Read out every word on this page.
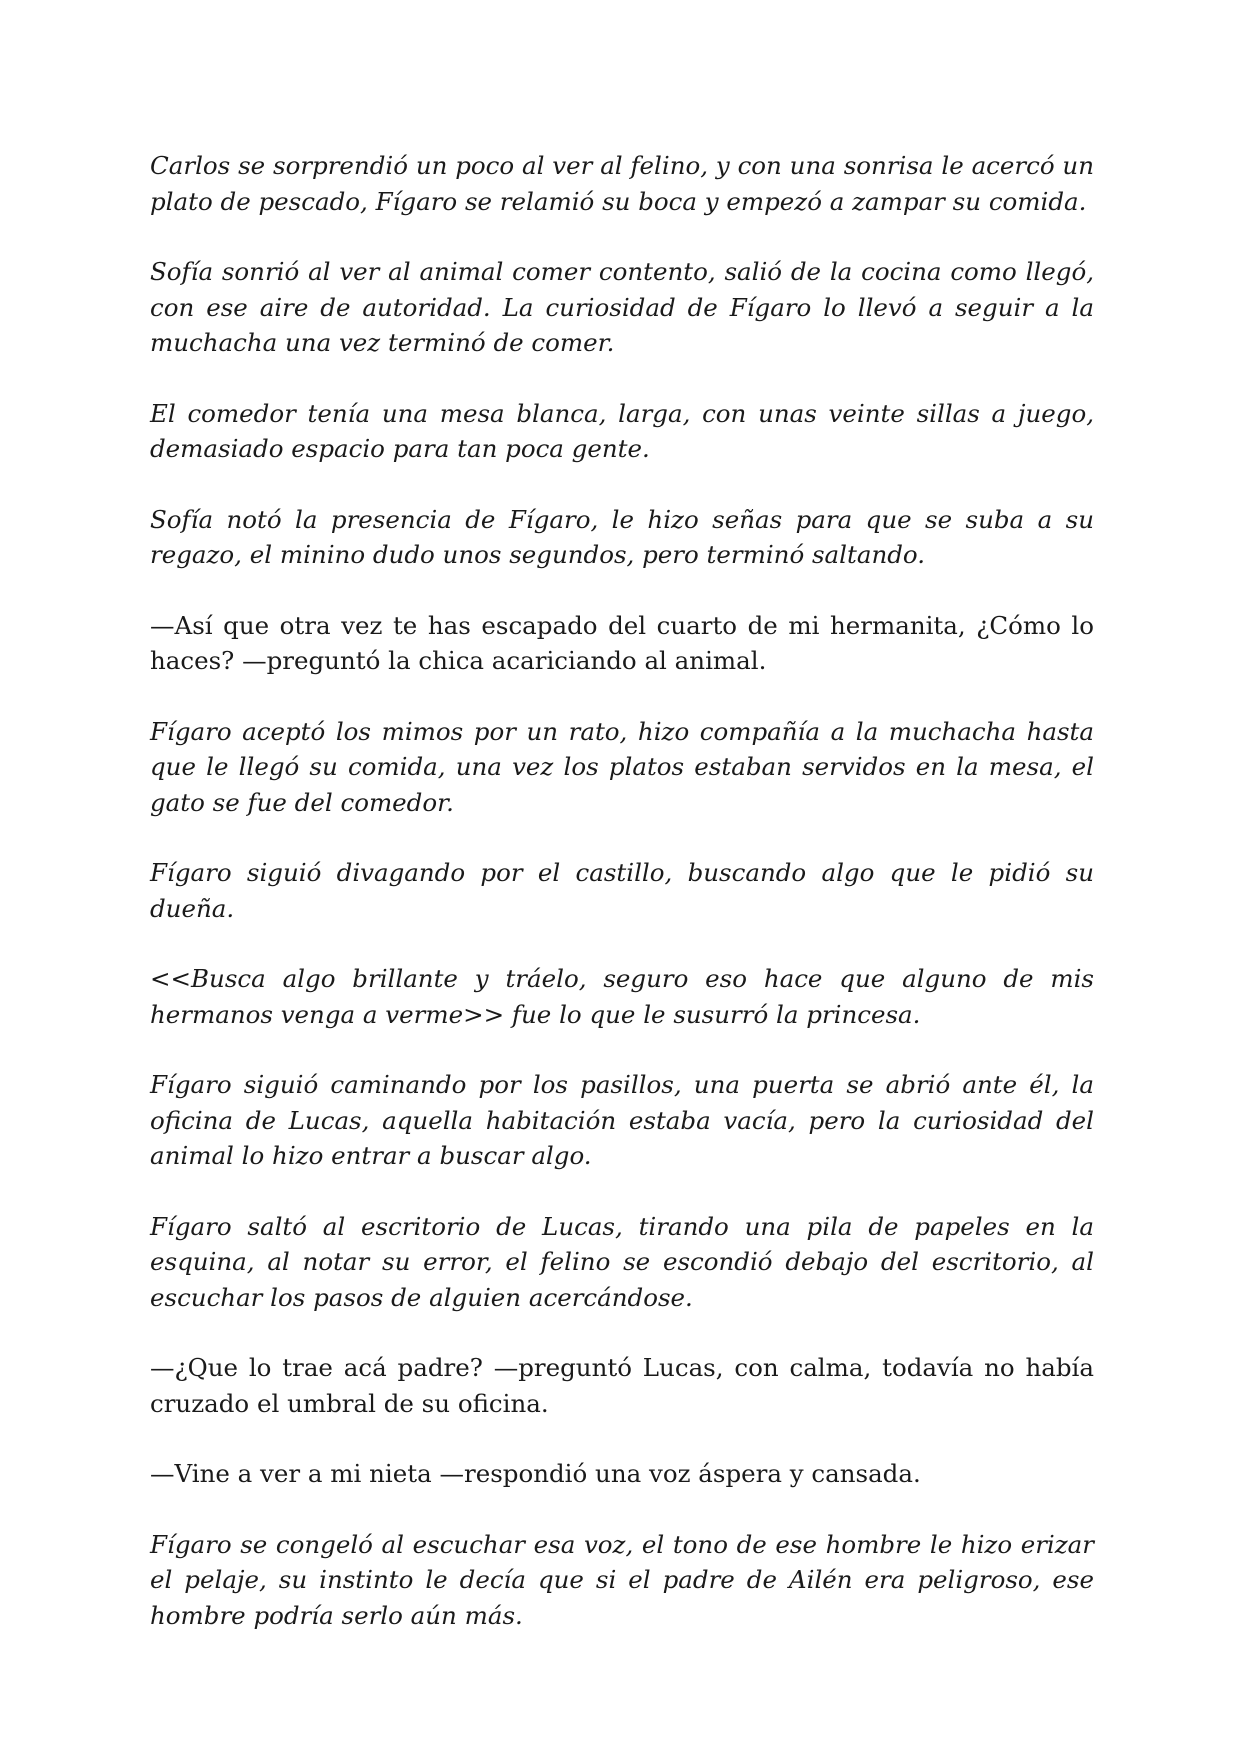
Carlos se sorprendió un poco al ver al felino, y con una sonrisa le acercó un plato de pescado, Fígaro se relamió su boca y empezó a zampar su comida.

Sofía sonrió al ver al animal comer contento, salió de la cocina como llegó, con ese aire de autoridad. La curiosidad de Fígaro lo llevó a seguir a la muchacha una vez terminó de comer.

El comedor tenía una mesa blanca, larga, con unas veinte sillas a juego, demasiado espacio para tan poca gente.

Sofía notó la presencia de Fígaro, le hizo señas para que se suba a su regazo, el minino dudo unos segundos, pero terminó saltando.

—Así que otra vez te has escapado del cuarto de mi hermanita, ¿Cómo lo haces? —preguntó la chica acariciando al animal.

Fígaro aceptó los mimos por un rato, hizo compañía a la muchacha hasta que le llegó su comida, una vez los platos estaban servidos en la mesa, el gato se fue del comedor.

Fígaro siguió divagando por el castillo, buscando algo que le pidió su dueña.

<<Busca algo brillante y tráelo, seguro eso hace que alguno de mis hermanos venga a verme>> fue lo que le susurró la princesa.

Fígaro siguió caminando por los pasillos, una puerta se abrió ante él, la oficina de Lucas, aquella habitación estaba vacía, pero la curiosidad del animal lo hizo entrar a buscar algo.

Fígaro saltó al escritorio de Lucas, tirando una pila de papeles en la esquina, al notar su error, el felino se escondió debajo del escritorio, al escuchar los pasos de alguien acercándose.

—¿Que lo trae acá padre? —preguntó Lucas, con calma, todavía no había cruzado el umbral de su oficina.

—Vine a ver a mi nieta —respondió una voz áspera y cansada.

Fígaro se congeló al escuchar esa voz, el tono de ese hombre le hizo erizar el pelaje, su instinto le decía que si el padre de Ailén era peligroso, ese hombre podría serlo aún más.
